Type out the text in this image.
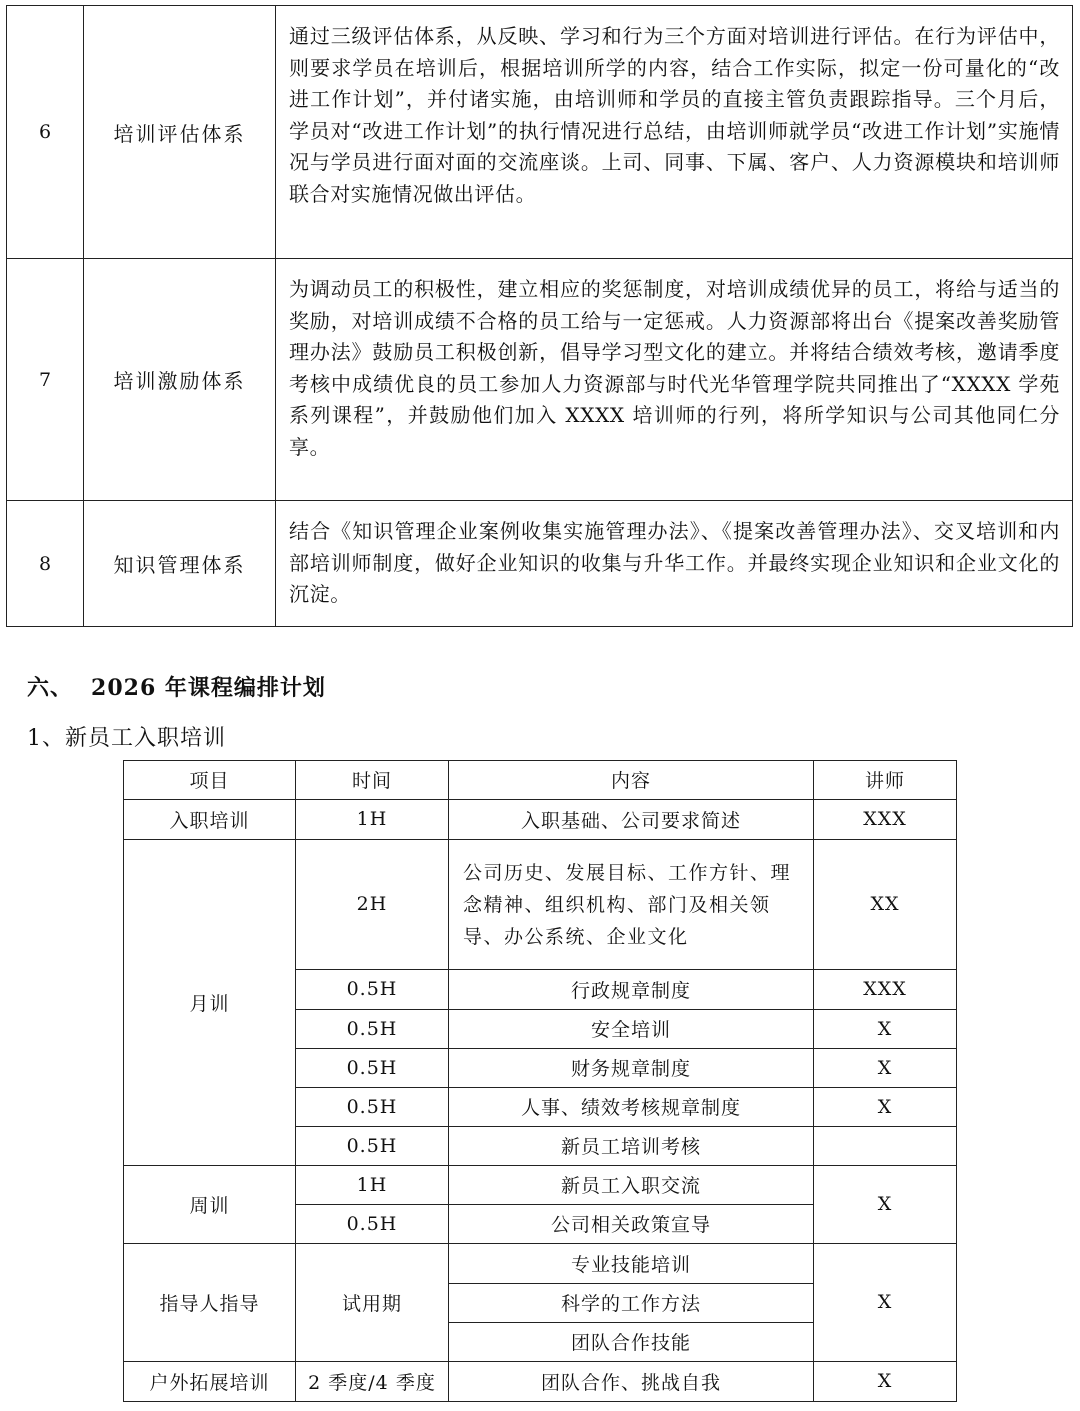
6	培训评估体系	通过三级评估体系，从反映、学习和行为三个方面对培训进行评估。在行为评估中，则要求学员在培训后，根据培训所学的内容，结合工作实际，拟定一份可量化的“改进工作计划”，并付诸实施，由培训师和学员的直接主管负责跟踪指导。三个月后，学员对“改进工作计划”的执行情况进行总结，由培训师就学员“改进工作计划”实施情况与学员进行面对面的交流座谈。上司、同事、下属、客户、人力资源模块和培训师联合对实施情况做出评估。
7	培训激励体系	为调动员工的积极性，建立相应的奖惩制度，对培训成绩优异的员工，将给与适当的奖励，对培训成绩不合格的员工给与一定惩戒。人力资源部将出台《提案改善奖励管理办法》鼓励员工积极创新，倡导学习型文化的建立。并将结合绩效考核，邀请季度考核中成绩优良的员工参加人力资源部与时代光华管理学院共同推出了“XXXX 学苑系列课程”，并鼓励他们加入 XXXX 培训师的行列，将所学知识与公司其他同仁分享。
8	知识管理体系	结合《知识管理企业案例收集实施管理办法》、《提案改善管理办法》、交叉培训和内部培训师制度，做好企业知识的收集与升华工作。并最终实现企业知识和企业文化的沉淀。
六、 2026 年课程编排计划
1、新员工入职培训
项目	时间	内容	讲师
入职培训	1H	入职基础、公司要求简述	XXX
月训	2H	公司历史、发展目标、工作方针、理念精神、组织机构、部门及相关领导、办公系统、企业文化	XX
	0.5H	行政规章制度	XXX
	0.5H	安全培训	X
	0.5H	财务规章制度	X
	0.5H	人事、绩效考核规章制度	X
	0.5H	新员工培训考核	
周训	1H	新员工入职交流	X
	0.5H	公司相关政策宣导	
指导人指导	试用期	专业技能培训	X
		科学的工作方法	
		团队合作技能	
户外拓展培训	2 季度/4 季度	团队合作、挑战自我	X
